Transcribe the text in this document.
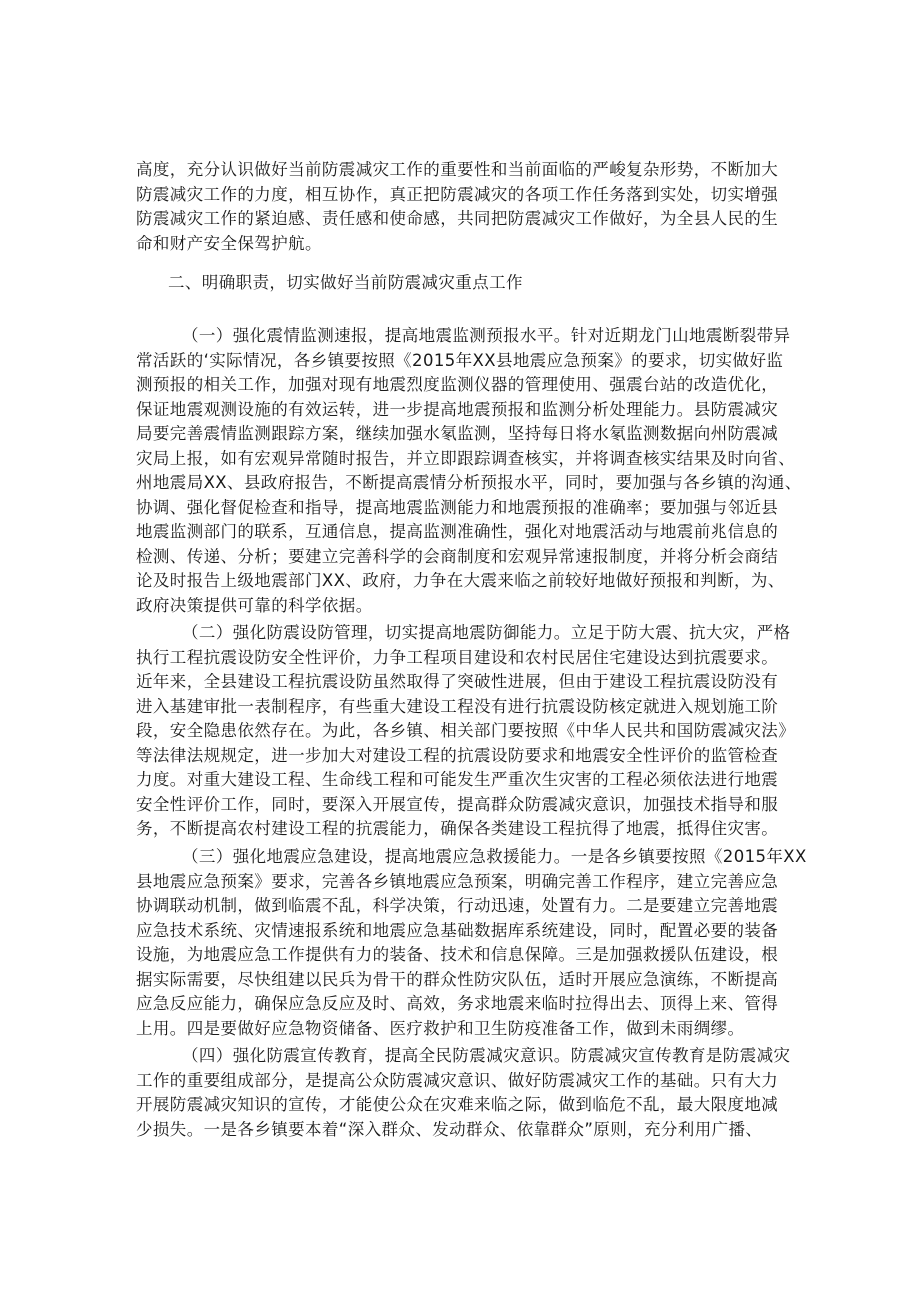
高度，充分认识做好当前防震减灾工作的重要性和当前面临的严峻复杂形势，不断加大
防震减灾工作的力度，相互协作，真正把防震减灾的各项工作任务落到实处，切实增强
防震减灾工作的紧迫感、责任感和使命感，共同把防震减灾工作做好，为全县人民的生
命和财产安全保驾护航。
二、明确职责，切实做好当前防震减灾重点工作
（一）强化震情监测速报，提高地震监测预报水平。针对近期龙门山地震断裂带异
常活跃的‘实际情况，各乡镇要按照《2015年XX县地震应急预案》的要求，切实做好监
测预报的相关工作，加强对现有地震烈度监测仪器的管理使用、强震台站的改造优化，
保证地震观测设施的有效运转，进一步提高地震预报和监测分析处理能力。县防震减灾
局要完善震情监测跟踪方案，继续加强水氡监测，坚持每日将水氡监测数据向州防震减
灾局上报，如有宏观异常随时报告，并立即跟踪调查核实，并将调查核实结果及时向省、
州地震局XX、县政府报告，不断提高震情分析预报水平，同时，要加强与各乡镇的沟通、
协调、强化督促检查和指导，提高地震监测能力和地震预报的准确率；要加强与邻近县
地震监测部门的联系，互通信息，提高监测准确性，强化对地震活动与地震前兆信息的
检测、传递、分析；要建立完善科学的会商制度和宏观异常速报制度，并将分析会商结
论及时报告上级地震部门XX、政府，力争在大震来临之前较好地做好预报和判断，为、
政府决策提供可靠的科学依据。
（二）强化防震设防管理，切实提高地震防御能力。立足于防大震、抗大灾，严格
执行工程抗震设防安全性评价，力争工程项目建设和农村民居住宅建设达到抗震要求。
近年来，全县建设工程抗震设防虽然取得了突破性进展，但由于建设工程抗震设防没有
进入基建审批一表制程序，有些重大建设工程没有进行抗震设防核定就进入规划施工阶
段，安全隐患依然存在。为此，各乡镇、相关部门要按照《中华人民共和国防震减灾法》
等法律法规规定，进一步加大对建设工程的抗震设防要求和地震安全性评价的监管检查
力度。对重大建设工程、生命线工程和可能发生严重次生灾害的工程必须依法进行地震
安全性评价工作，同时，要深入开展宣传，提高群众防震减灾意识，加强技术指导和服
务，不断提高农村建设工程的抗震能力，确保各类建设工程抗得了地震，抵得住灾害。
（三）强化地震应急建设，提高地震应急救援能力。一是各乡镇要按照《2015年XX
县地震应急预案》要求，完善各乡镇地震应急预案，明确完善工作程序，建立完善应急
协调联动机制，做到临震不乱，科学决策，行动迅速，处置有力。二是要建立完善地震
应急技术系统、灾情速报系统和地震应急基础数据库系统建设，同时，配置必要的装备
设施，为地震应急工作提供有力的装备、技术和信息保障。三是加强救援队伍建设，根
据实际需要，尽快组建以民兵为骨干的群众性防灾队伍，适时开展应急演练，不断提高
应急反应能力，确保应急反应及时、高效，务求地震来临时拉得出去、顶得上来、管得
上用。四是要做好应急物资储备、医疗救护和卫生防疫准备工作，做到未雨绸缪。
（四）强化防震宣传教育，提高全民防震减灾意识。防震减灾宣传教育是防震减灾
工作的重要组成部分，是提高公众防震减灾意识、做好防震减灾工作的基础。只有大力
开展防震减灾知识的宣传，才能使公众在灾难来临之际，做到临危不乱，最大限度地减
少损失。一是各乡镇要本着“深入群众、发动群众、依靠群众”原则，充分利用广播、
